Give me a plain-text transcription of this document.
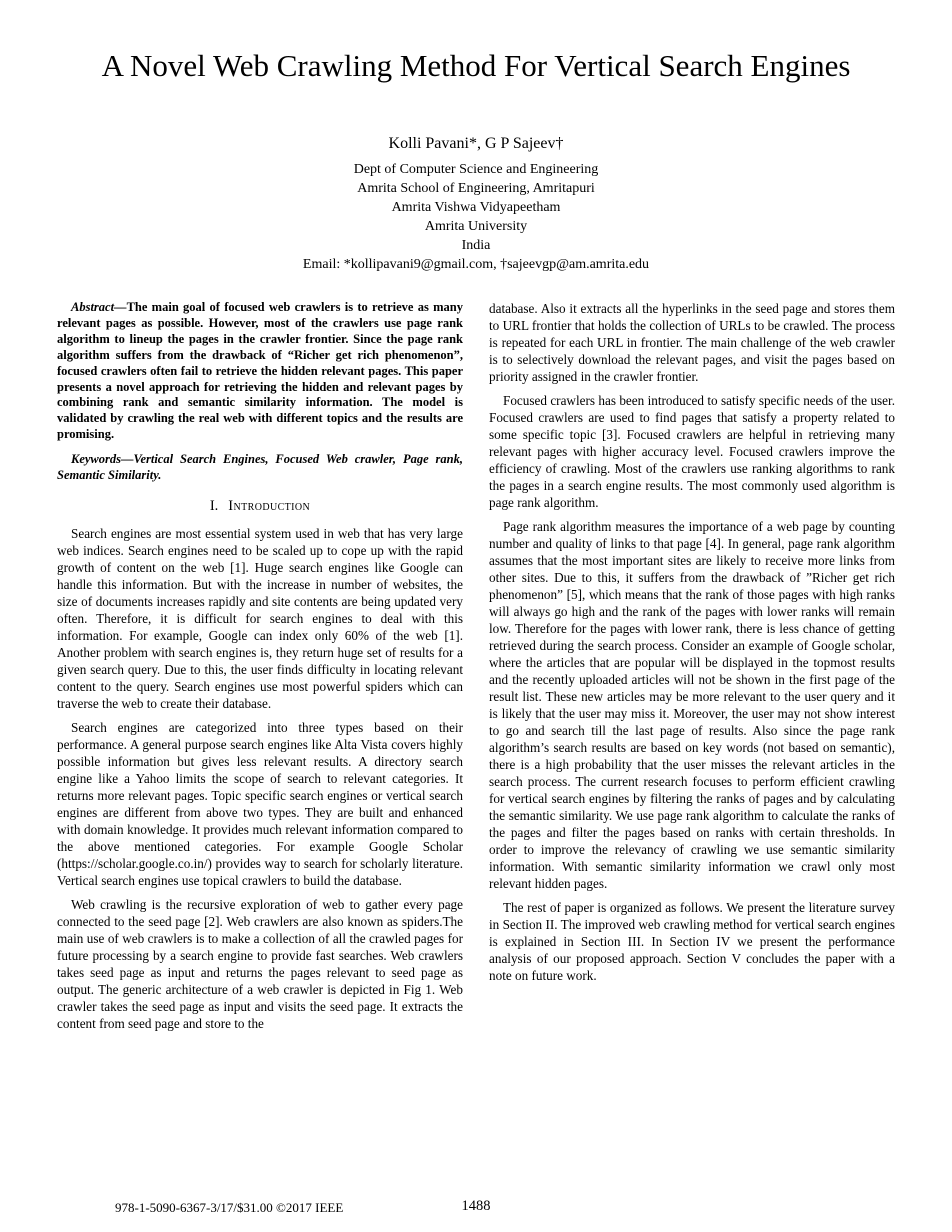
A Novel Web Crawling Method For Vertical Search Engines
Kolli Pavani*, G P Sajeev†
Dept of Computer Science and Engineering
Amrita School of Engineering, Amritapuri
Amrita Vishwa Vidyapeetham
Amrita University
India
Email: *kollipavani9@gmail.com, †sajeevgp@am.amrita.edu

Abstract—The main goal of focused web crawlers is to retrieve as many relevant pages as possible. However, most of the crawlers use page rank algorithm to lineup the pages in the crawler frontier. Since the page rank algorithm suffers from the drawback of “Richer get rich phenomenon”, focused crawlers often fail to retrieve the hidden relevant pages. This paper presents a novel approach for retrieving the hidden and relevant pages by combining rank and semantic similarity information. The model is validated by crawling the real web with different topics and the results are promising.

Keywords—Vertical Search Engines, Focused Web crawler, Page rank, Semantic Similarity.

I. Introduction

Search engines are most essential system used in web that has very large web indices. Search engines need to be scaled up to cope up with the rapid growth of content on the web [1]. Huge search engines like Google can handle this information. But with the increase in number of websites, the size of documents increases rapidly and site contents are being updated very often. Therefore, it is difficult for search engines to deal with this information. For example, Google can index only 60% of the web [1]. Another problem with search engines is, they return huge set of results for a given search query. Due to this, the user finds difficulty in locating relevant content to the query. Search engines use most powerful spiders which can traverse the web to create their database.

Search engines are categorized into three types based on their performance. A general purpose search engines like Alta Vista covers highly possible information but gives less relevant results. A directory search engine like a Yahoo limits the scope of search to relevant categories. It returns more relevant pages. Topic specific search engines or vertical search engines are different from above two types. They are built and enhanced with domain knowledge. It provides much relevant information compared to the above mentioned categories. For example Google Scholar (https://scholar.google.co.in/) provides way to search for scholarly literature. Vertical search engines use topical crawlers to build the database.

Web crawling is the recursive exploration of web to gather every page connected to the seed page [2]. Web crawlers are also known as spiders.The main use of web crawlers is to make a collection of all the crawled pages for future processing by a search engine to provide fast searches. Web crawlers takes seed page as input and returns the pages relevant to seed page as output. The generic architecture of a web crawler is depicted in Fig 1. Web crawler takes the seed page as input and visits the seed page. It extracts the content from seed page and store to the

database. Also it extracts all the hyperlinks in the seed page and stores them to URL frontier that holds the collection of URLs to be crawled. The process is repeated for each URL in frontier. The main challenge of the web crawler is to selectively download the relevant pages, and visit the pages based on priority assigned in the crawler frontier.

Focused crawlers has been introduced to satisfy specific needs of the user. Focused crawlers are used to find pages that satisfy a property related to some specific topic [3]. Focused crawlers are helpful in retrieving many relevant pages with higher accuracy level. Focused crawlers improve the efficiency of crawling. Most of the crawlers use ranking algorithms to rank the pages in a search engine results. The most commonly used algorithm is page rank algorithm.

Page rank algorithm measures the importance of a web page by counting number and quality of links to that page [4]. In general, page rank algorithm assumes that the most important sites are likely to receive more links from other sites. Due to this, it suffers from the drawback of ”Richer get rich phenomenon” [5], which means that the rank of those pages with high ranks will always go high and the rank of the pages with lower ranks will remain low. Therefore for the pages with lower rank, there is less chance of getting retrieved during the search process. Consider an example of Google scholar, where the articles that are popular will be displayed in the topmost results and the recently uploaded articles will not be shown in the first page of the result list. These new articles may be more relevant to the user query and it is likely that the user may miss it. Moreover, the user may not show interest to go and search till the last page of results. Also since the page rank algorithm’s search results are based on key words (not based on semantic), there is a high probability that the user misses the relevant articles in the search process. The current research focuses to perform efficient crawling for vertical search engines by filtering the ranks of pages and by calculating the semantic similarity. We use page rank algorithm to calculate the ranks of the pages and filter the pages based on ranks with certain thresholds. In order to improve the relevancy of crawling we use semantic similarity information. With semantic similarity information we crawl only most relevant hidden pages.

The rest of paper is organized as follows. We present the literature survey in Section II. The improved web crawling method for vertical search engines is explained in Section III. In Section IV we present the performance analysis of our proposed approach. Section V concludes the paper with a note on future work.

978-1-5090-6367-3/17/$31.00 ©2017 IEEE	1488
